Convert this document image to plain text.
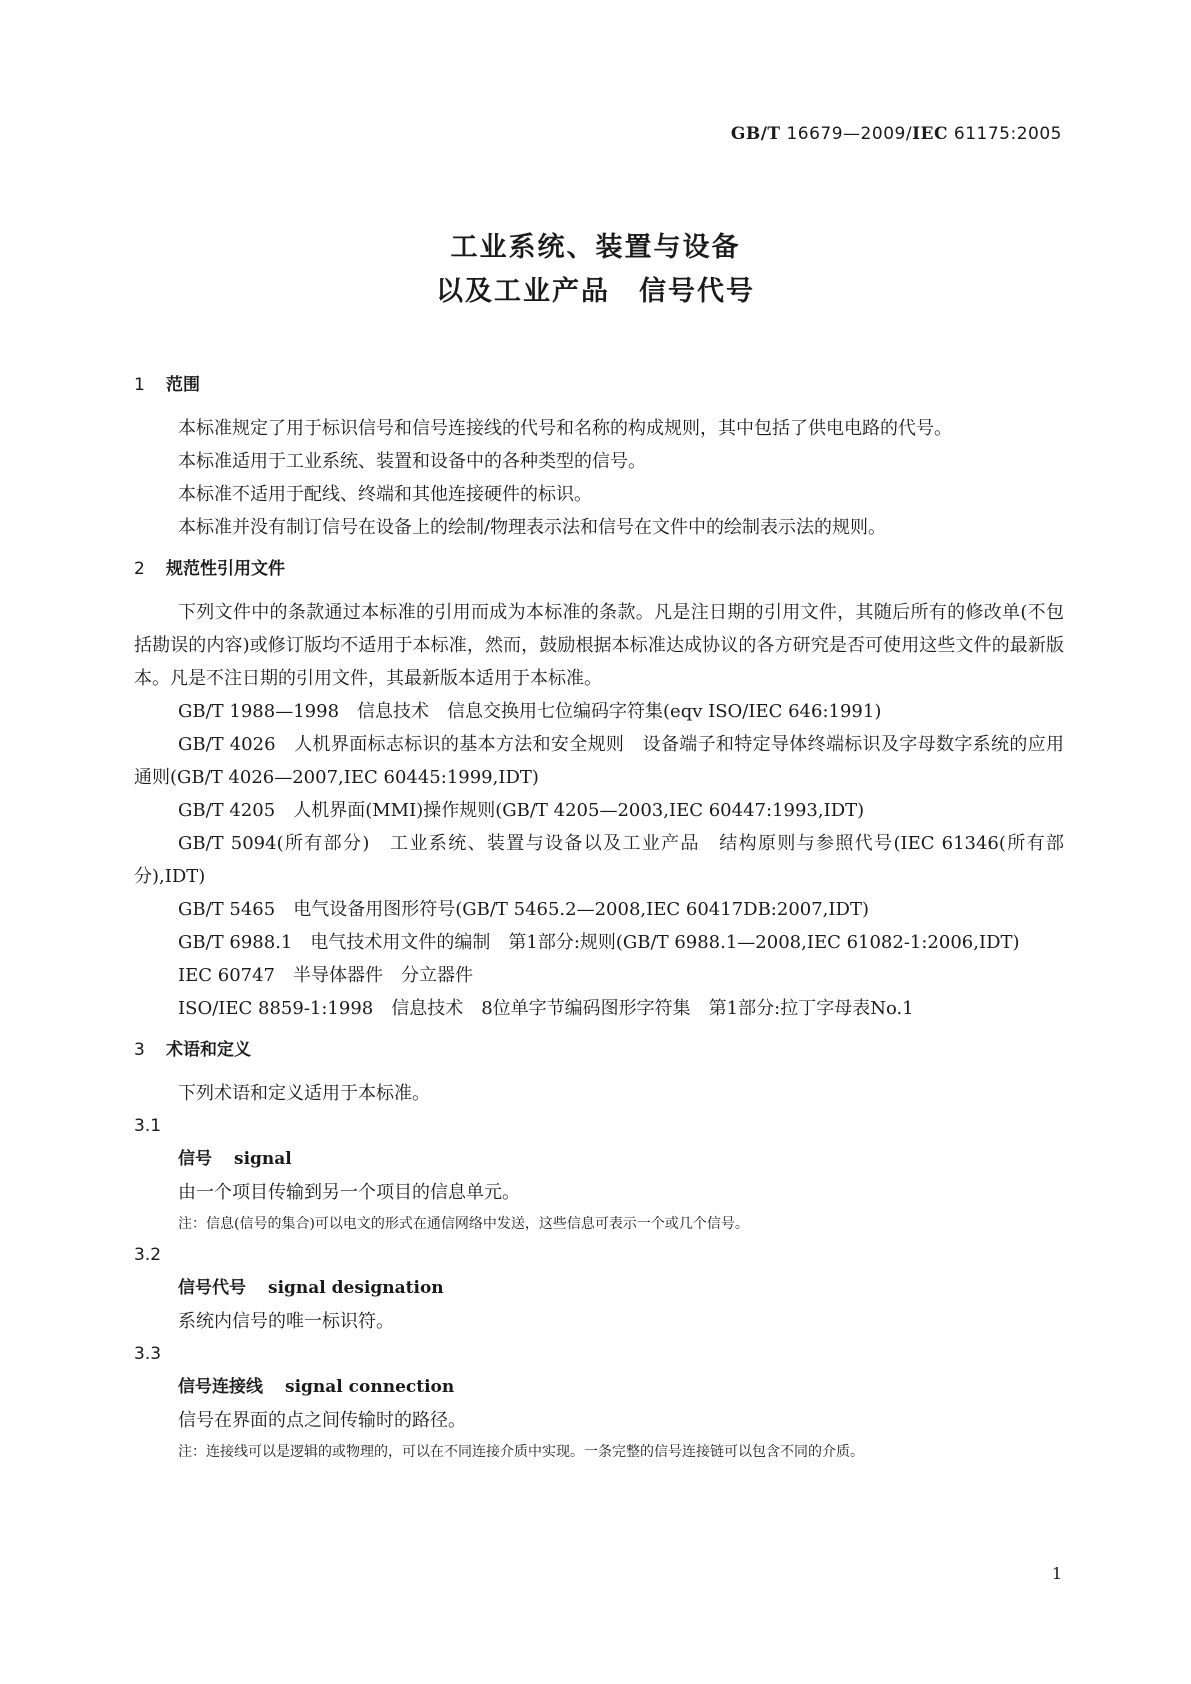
GB/T 16679—2009/IEC 61175:2005
工业系统、装置与设备
以及工业产品　信号代号
1 范围

本标准规定了用于标识信号和信号连接线的代号和名称的构成规则，其中包括了供电电路的代号。

本标准适用于工业系统、装置和设备中的各种类型的信号。

本标准不适用于配线、终端和其他连接硬件的标识。

本标准并没有制订信号在设备上的绘制/物理表示法和信号在文件中的绘制表示法的规则。

2 规范性引用文件

下列文件中的条款通过本标准的引用而成为本标准的条款。凡是注日期的引用文件，其随后所有的修改单(不包括勘误的内容)或修订版均不适用于本标准，然而，鼓励根据本标准达成协议的各方研究是否可使用这些文件的最新版本。凡是不注日期的引用文件，其最新版本适用于本标准。

GB/T 1988—1998　信息技术　信息交换用七位编码字符集(eqv ISO/IEC 646:1991)

GB/T 4026　人机界面标志标识的基本方法和安全规则　设备端子和特定导体终端标识及字母数字系统的应用通则(GB/T 4026—2007,IEC 60445:1999,IDT)

GB/T 4205　人机界面(MMI)操作规则(GB/T 4205—2003,IEC 60447:1993,IDT)

GB/T 5094(所有部分)　工业系统、装置与设备以及工业产品　结构原则与参照代号(IEC 61346(所有部分),IDT)

GB/T 5465　电气设备用图形符号(GB/T 5465.2—2008,IEC 60417DB:2007,IDT)

GB/T 6988.1　电气技术用文件的编制　第1部分:规则(GB/T 6988.1—2008,IEC 61082-1:2006,IDT)

IEC 60747　半导体器件　分立器件

ISO/IEC 8859-1:1998　信息技术　8位单字节编码图形字符集　第1部分:拉丁字母表No.1

3 术语和定义

下列术语和定义适用于本标准。

3.1
信号 signal
由一个项目传输到另一个项目的信息单元。
注：信息(信号的集合)可以电文的形式在通信网络中发送，这些信息可表示一个或几个信号。
3.2
信号代号 signal designation
系统内信号的唯一标识符。
3.3
信号连接线 signal connection
信号在界面的点之间传输时的路径。
注：连接线可以是逻辑的或物理的，可以在不同连接介质中实现。一条完整的信号连接链可以包含不同的介质。
1
